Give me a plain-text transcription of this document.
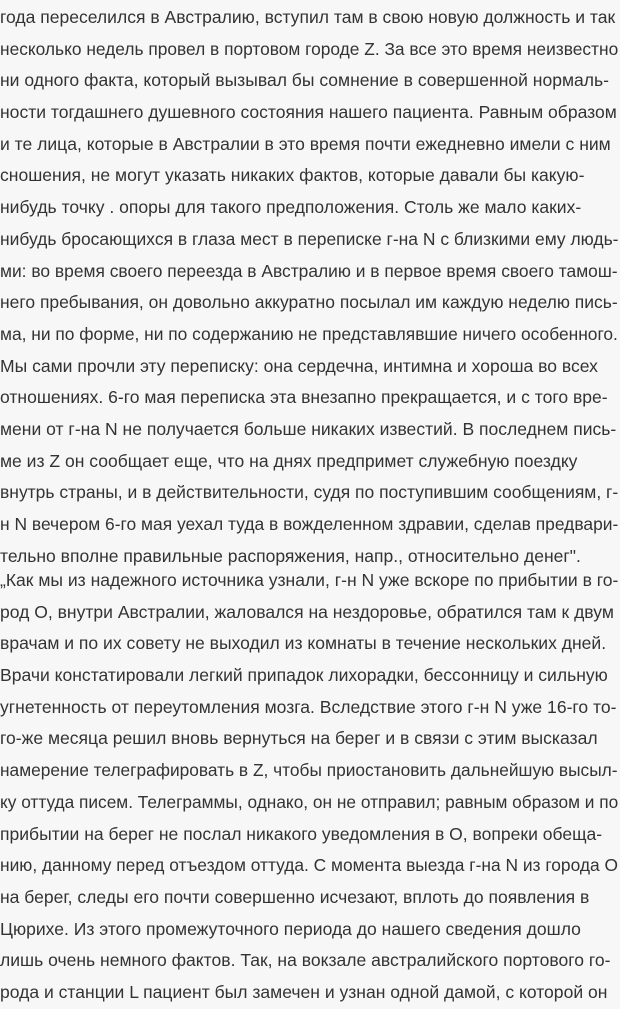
года переселился в Австралию, вступил там в свою новую должность и так
несколько недель провел в портовом городе Z. За все это время неизвестно
ни одного факта, который вызывал бы сомнение в совершенной нормаль-
ности тогдашнего душевного состояния нашего пациента. Равным образом
и те лица, которые в Австралии в это время почти ежедневно имели с ним
сношения, не могут указать никаких фактов, которые давали бы какую-
нибудь точку . опоры для такого предположения. Столь же мало каких-
нибудь бросающихся в глаза мест в переписке г-на N с близкими ему людь-
ми: во время своего переезда в Австралию и в первое время своего тамош-
него пребывания, он довольно аккуратно посылал им каждую неделю пись-
ма, ни по форме, ни по содержанию не представлявшие ничего особенного.
Мы сами прочли эту переписку: она сердечна, интимна и хороша во всех
отношениях. 6-го мая переписка эта внезапно прекращается, и с того вре-
мени от г-на N не получается больше никаких известий. В последнем пись-
ме из Z он сообщает еще, что на днях предпримет служебную поездку
внутрь страны, и в действительности, судя по поступившим сообщениям, г-
н N вечером 6-го мая уехал туда в вожделенном здравии, сделав предвари-
тельно вполне правильные распоряжения, напр., относительно денег".
„Как мы из надежного источника узнали, г-н N уже вскоре по прибытии в го-
род О, внутри Австралии, жаловался на нездоровье, обратился там к двум
врачам и по их совету не выходил из комнаты в течение нескольких дней.
Врачи констатировали легкий припадок лихорадки, бессонницу и сильную
угнетенность от переутомления мозга. Вследствие этого г-н N уже 16-го то-
го-же месяца решил вновь вернуться на берег и в связи с этим высказал
намерение телеграфировать в Z, чтобы приостановить дальнейшую высыл-
ку оттуда писем. Телеграммы, однако, он не отправил; равным образом и по
прибытии на берег не послал никакого уведомления в О, вопреки обеща-
нию, данному перед отъездом оттуда. С момента выезда г-на N из города О
на берег, следы его почти совершенно исчезают, вплоть до появления в
Цюрихе. Из этого промежуточного периода до нашего сведения дошло
лишь очень немного фактов. Так, на вокзале австралийского портового го-
рода и станции L пациент был замечен и узнан одной дамой, с которой он
